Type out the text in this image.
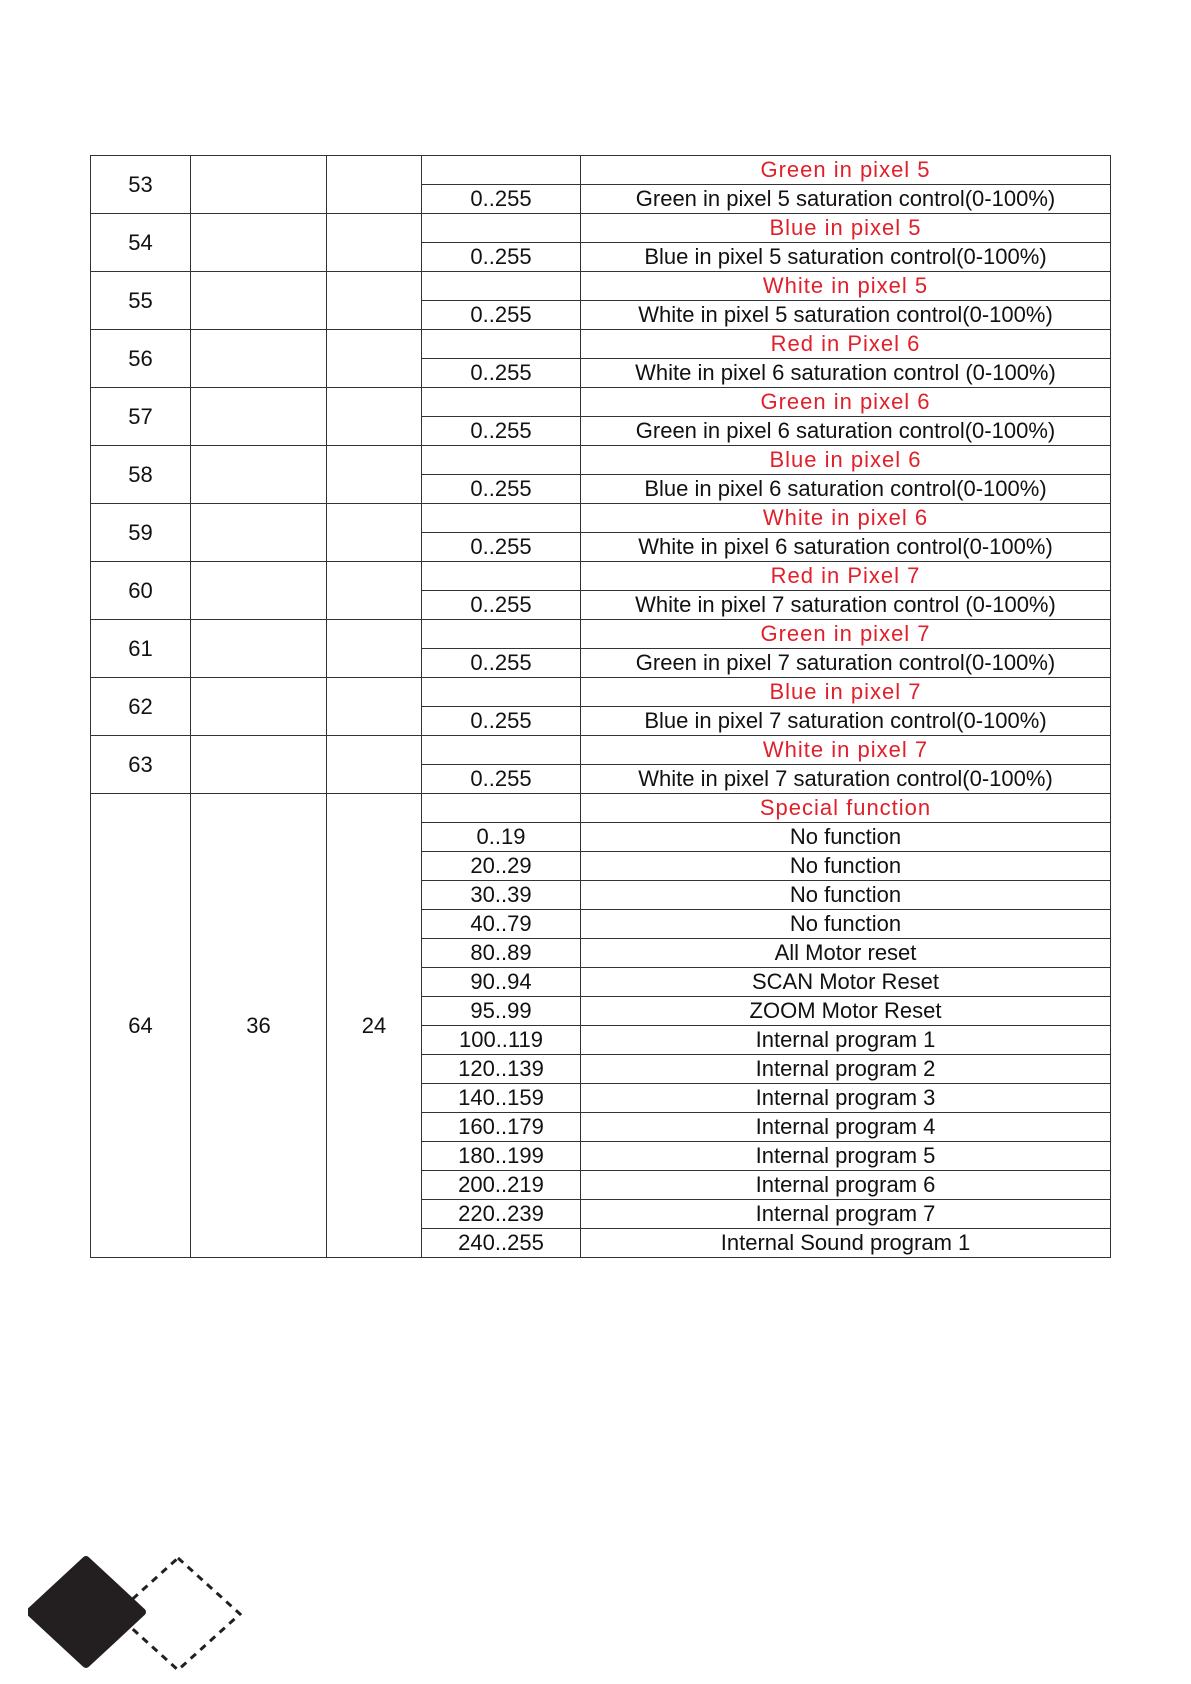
53				Green in pixel 5
			0..255	Green in pixel 5 saturation control(0-100%)
54				Blue in pixel 5
			0..255	Blue in pixel 5 saturation control(0-100%)
55				White in pixel 5
			0..255	White in pixel 5 saturation control(0-100%)
56				Red in Pixel 6
			0..255	White in pixel 6 saturation control (0-100%)
57				Green in pixel 6
			0..255	Green in pixel 6 saturation control(0-100%)
58				Blue in pixel 6
			0..255	Blue in pixel 6 saturation control(0-100%)
59				White in pixel 6
			0..255	White in pixel 6 saturation control(0-100%)
60				Red in Pixel 7
			0..255	White in pixel 7 saturation control (0-100%)
61				Green in pixel 7
			0..255	Green in pixel 7 saturation control(0-100%)
62				Blue in pixel 7
			0..255	Blue in pixel 7 saturation control(0-100%)
63				White in pixel 7
			0..255	White in pixel 7 saturation control(0-100%)
64	36	24		Special function
			0..19	No function
			20..29	No function
			30..39	No function
			40..79	No function
			80..89	All Motor reset
			90..94	SCAN Motor Reset
			95..99	ZOOM Motor Reset
			100..119	Internal program 1
			120..139	Internal program 2
			140..159	Internal program 3
			160..179	Internal program 4
			180..199	Internal program 5
			200..219	Internal program 6
			220..239	Internal program 7
			240..255	Internal Sound program 1
